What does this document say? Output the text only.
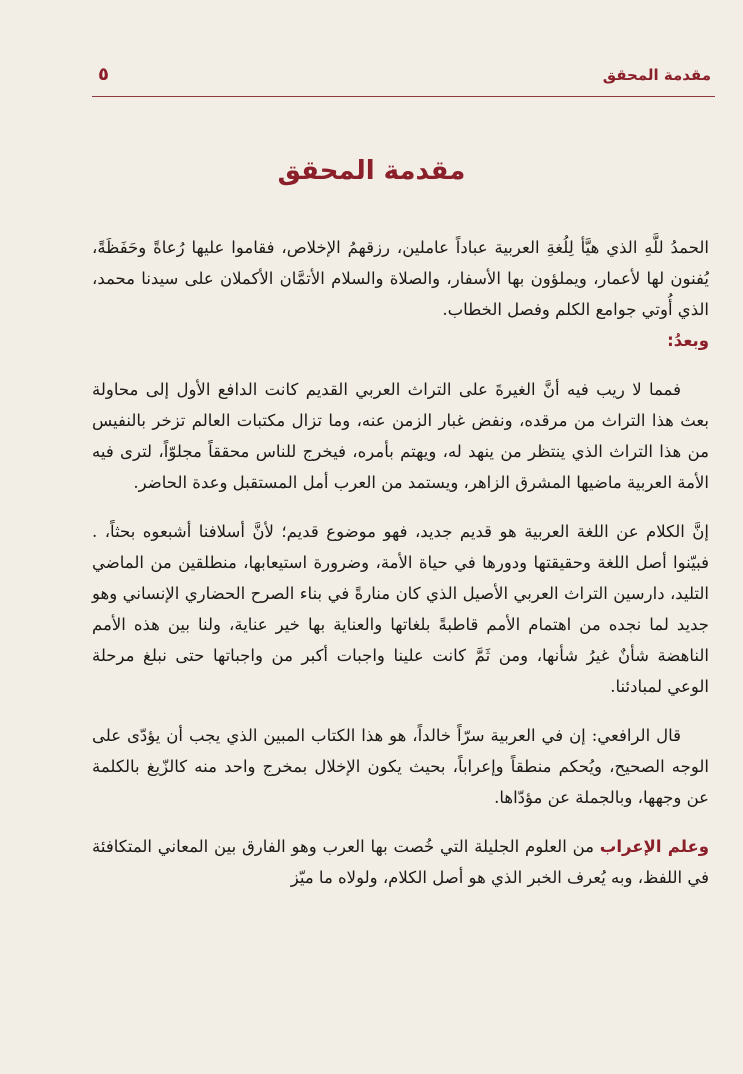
مقدمة المحقق
٥
مقدمة المحقق

الحمدُ للَّهِ الذي هيَّأ لِلُغةِ العربية عباداً عاملين، رزقهمُ الإخلاص، فقاموا عليها رُعاةً وحَفَظَةً، يُفنون لها لأعمار، ويملؤون بها الأسفار، والصلاة والسلام الأتمَّان الأكملان على سيدنا محمد، الذي أُوتي جوامع الكلم وفصل الخطاب.

وبعدُ:

فمما لا ريب فيه أنَّ الغيرةَ على التراث العربي القديم كانت الدافع الأول إلى محاولة بعث هذا التراث من مرقده، ونفض غبار الزمن عنه، وما تزال مكتبات العالم تزخر بالنفيس من هذا التراث الذي ينتظر من ينهد له، ويهتم بأمره، فيخرج للناس محققاً مجلوّاً، لترى فيه الأمة العربية ماضيها المشرق الزاهر، ويستمد من العرب أمل المستقبل وعدة الحاضر.

إنَّ الكلام عن اللغة العربية هو قديم جديد، فهو موضوع قديم؛ لأنَّ أسلافنا أشبعوه بحثاً، . فبيّنوا أصل اللغة وحقيقتها ودورها في حياة الأمة، وضرورة استيعابها، منطلقين من الماضي التليد، دارسين التراث العربي الأصيل الذي كان منارةً في بناء الصرح الحضاري الإنساني وهو جديد لما نجده من اهتمام الأمم قاطبةً بلغاتها والعناية بها خير عناية، ولنا بين هذه الأمم الناهضة شأنٌ غيرُ شأنها، ومن ثَمَّ كانت علينا واجبات أكبر من واجباتها حتى نبلغ مرحلة الوعي لمبادئنا.

قال الرافعي: إن في العربية سرّاً خالداً، هو هذا الكتاب المبين الذي يجب أن يؤدّى على الوجه الصحيح، ويُحكم منطقاً وإعراباً، بحيث يكون الإخلال بمخرج واحد منه كالزّيغ بالكلمة عن وجهها، وبالجملة عن مؤدّاها.

وعلم الإعراب من العلوم الجليلة التي خُصت بها العرب وهو الفارق بين المعاني المتكافئة في اللفظ، وبه يُعرف الخبر الذي هو أصل الكلام، ولولاه ما ميّز
